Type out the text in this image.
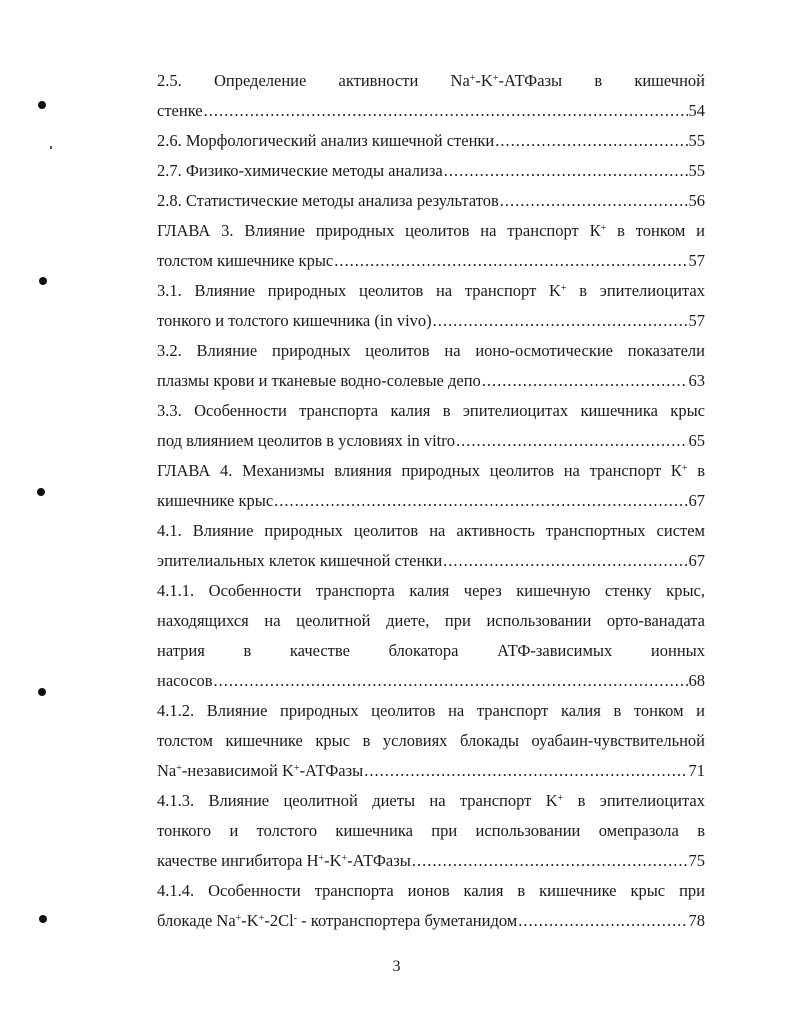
2.5. Определение активности Na+-K+-АТФазы в кишечной
стенке .....	54
2.6. Морфологический анализ кишечной стенки .....	55
2.7. Физико-химические методы анализа .....	55
2.8. Статистические методы анализа результатов .....	56
ГЛАВА 3. Влияние природных цеолитов на транспорт К+ в тонком и
толстом кишечнике крыс .....	57
3.1. Влияние природных цеолитов на транспорт K+ в эпителиоцитах
тонкого и толстого кишечника (in vivo) .....	57
3.2. Влияние природных цеолитов на ионо-осмотические показатели
плазмы крови и тканевые водно-солевые депо .....	63
3.3. Особенности транспорта калия в эпителиоцитах кишечника крыс
под влиянием цеолитов в условиях in vitro .....	65
ГЛАВА 4. Механизмы влияния природных цеолитов на транспорт К+ в
кишечнике крыс .....	67
4.1. Влияние природных цеолитов на активность транспортных систем
эпителиальных клеток кишечной стенки .....	67
4.1.1. Особенности транспорта калия через кишечную стенку крыс,
находящихся на цеолитной диете, при использовании орто-ванадата
натрия в качестве блокатора АТФ-зависимых ионных
насосов .....	68
4.1.2. Влияние природных цеолитов на транспорт калия в тонком и
толстом кишечнике крыс в условиях блокады оуабаин-чувствительной
Na+-независимой K+-АТФазы .....	71
4.1.3. Влияние цеолитной диеты на транспорт K+ в эпителиоцитах
тонкого и толстого кишечника при использовании омепразола в
качестве ингибитора H+-K+-АТФазы .....	75
4.1.4. Особенности транспорта ионов калия в кишечнике крыс при
блокаде Na+-K+-2Cl- - котранспортера буметанидом .....	78
3
